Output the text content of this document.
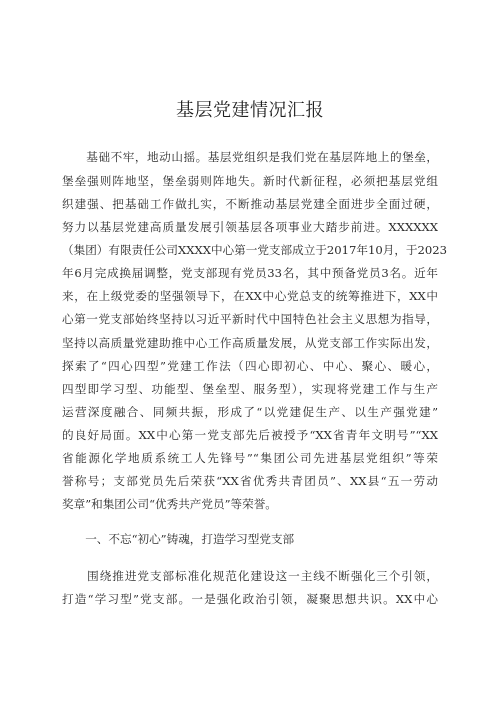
基层党建情况汇报
　　基础不牢，地动山摇。基层党组织是我们党在基层阵地上的堡垒，
堡垒强则阵地坚，堡垒弱则阵地失。新时代新征程，必须把基层党组
织建强、把基础工作做扎实，不断推动基层党建全面进步全面过硬，
努力以基层党建高质量发展引领基层各项事业大踏步前进。XXXXXX
（集团）有限责任公司XXXX中心第一党支部成立于2017年10月，于2023
年6月完成换届调整，党支部现有党员33名，其中预备党员3名。近年
来，在上级党委的坚强领导下，在XX中心党总支的统筹推进下，XX中
心第一党支部始终坚持以习近平新时代中国特色社会主义思想为指导，
坚持以高质量党建助推中心工作高质量发展，从党支部工作实际出发，
探索了“四心四型”党建工作法（四心即初心、中心、聚心、暖心，
四型即学习型、功能型、堡垒型、服务型），实现将党建工作与生产
运营深度融合、同频共振，形成了“以党建促生产、以生产强党建”
的良好局面。XX中心第一党支部先后被授予“XX省青年文明号”“XX
省能源化学地质系统工人先锋号”“集团公司先进基层党组织”等荣
誉称号；支部党员先后荣获“XX省优秀共青团员”、XX县“五一劳动
奖章”和集团公司“优秀共产党员”等荣誉。
　　一、不忘“初心”铸魂，打造学习型党支部
　　围绕推进党支部标准化规范化建设这一主线不断强化三个引领，
打造“学习型”党支部。一是强化政治引领，凝聚思想共识。XX中心
